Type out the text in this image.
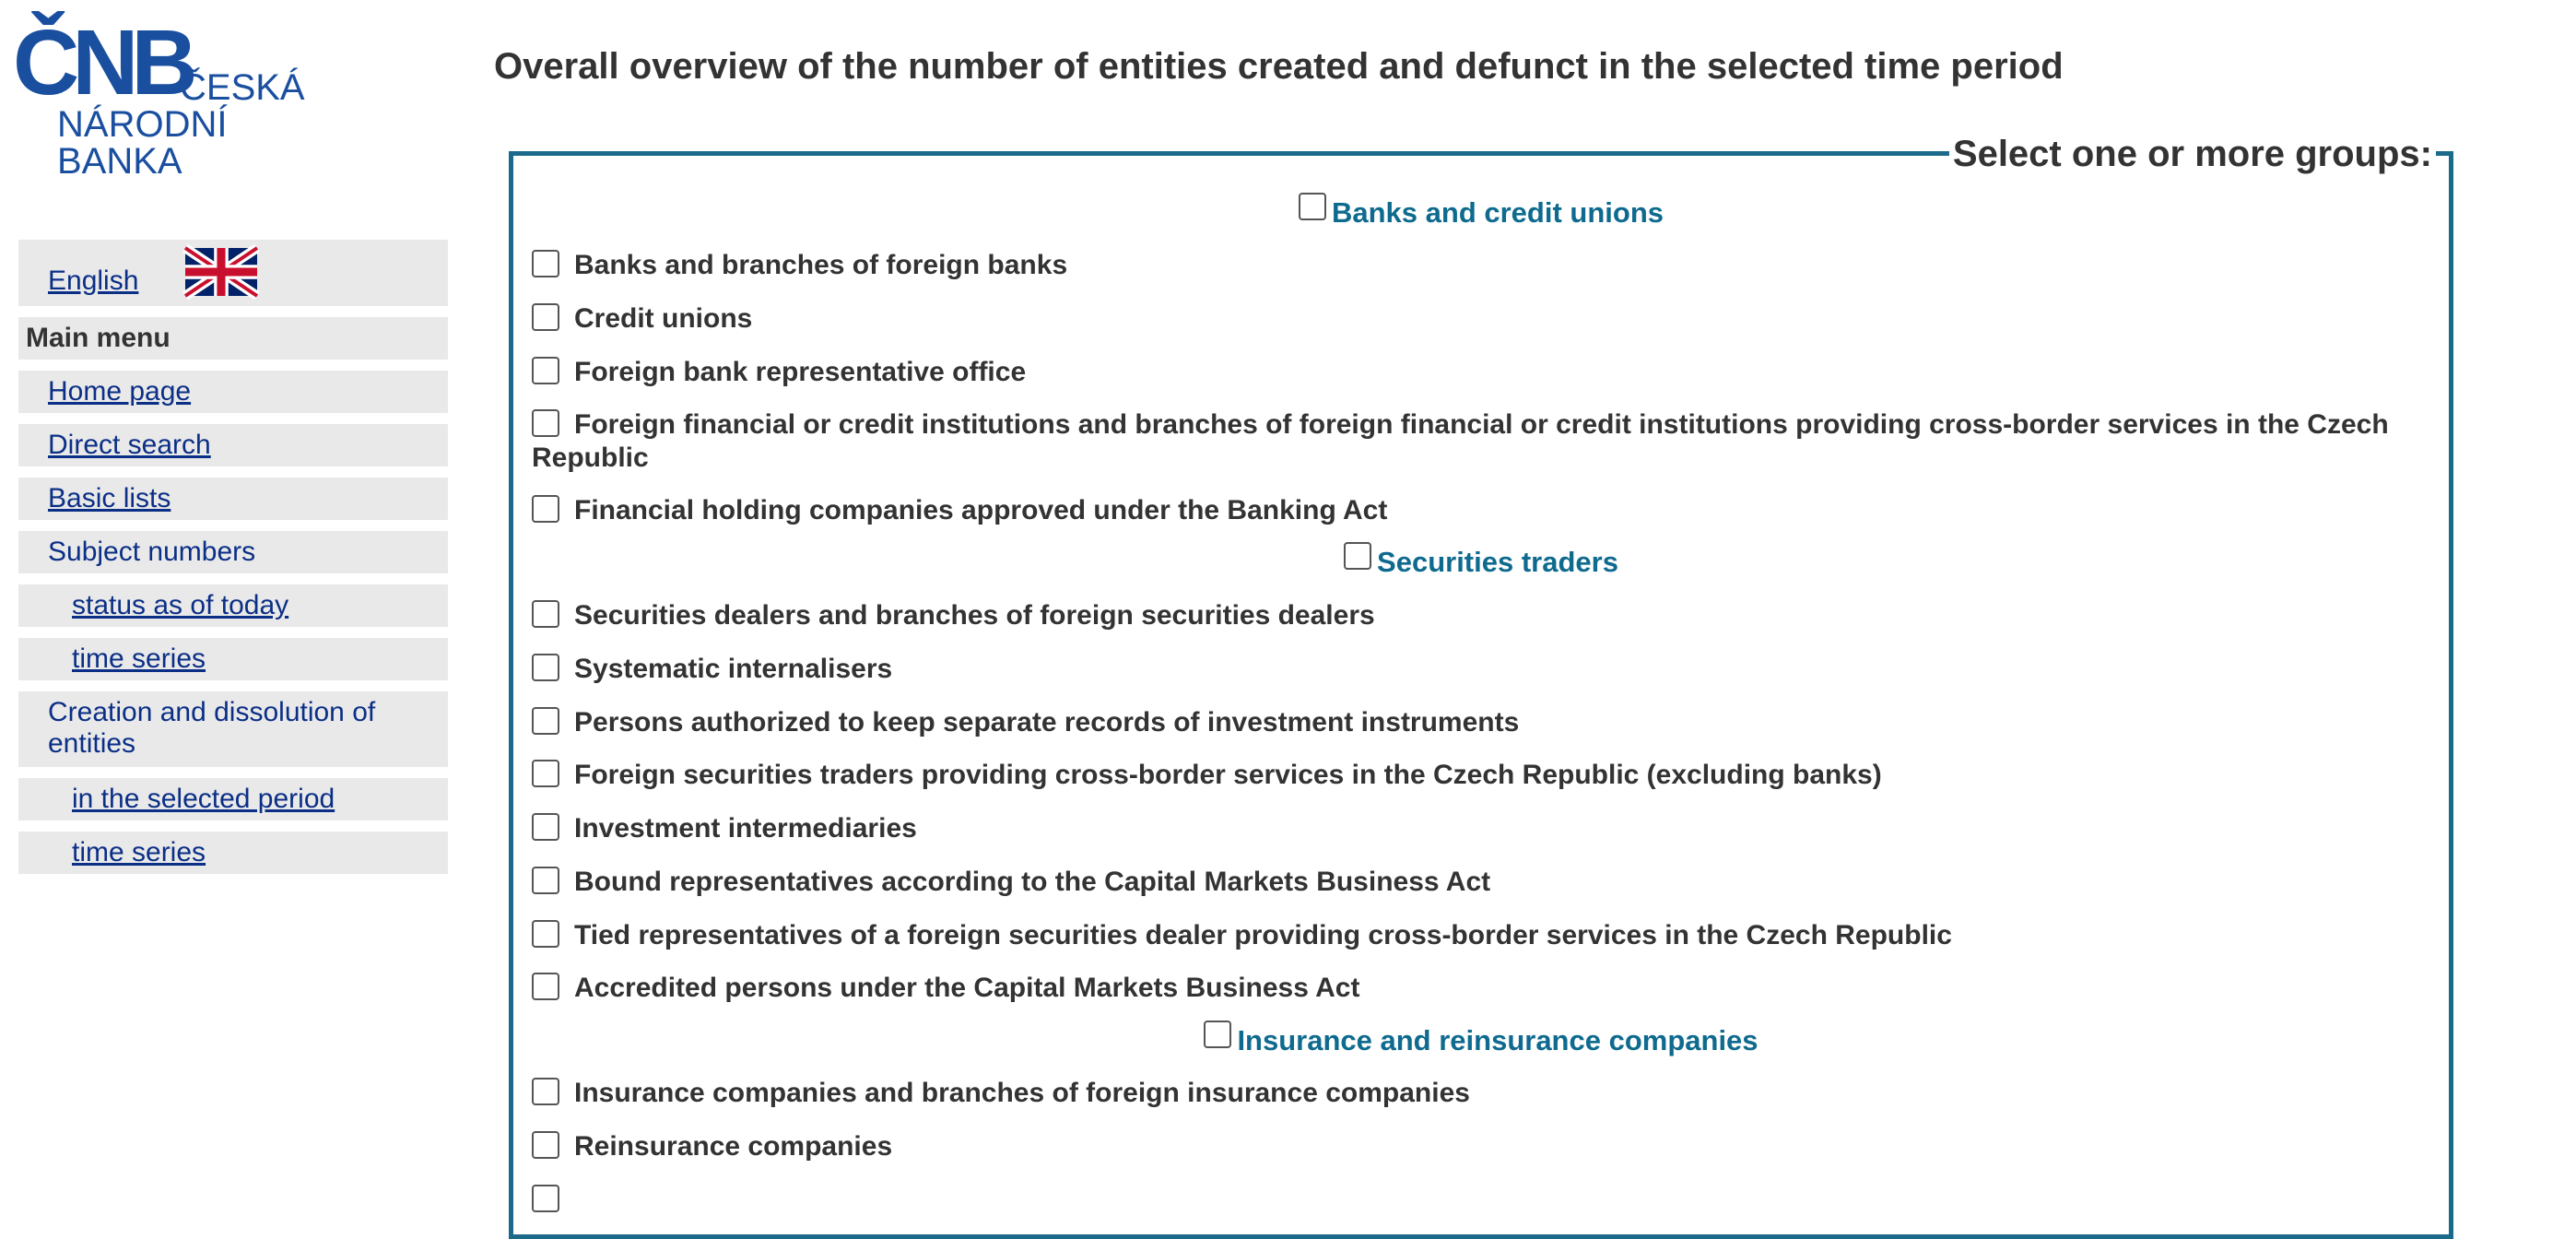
ČNB
ČESKÁ
NÁRODNÍ
BANKA
English
Main menu
Home page
Direct search
Basic lists
Subject numbers
status as of today
time series
Creation and dissolution of entities
in the selected period
time series
Overall overview of the number of entities created and defunct in the selected time period
Select one or more groups:
Banks and credit unions
Banks and branches of foreign banks
Credit unions
Foreign bank representative office
Foreign financial or credit institutions and branches of foreign financial or credit institutions providing cross-border services in the Czech Republic
Financial holding companies approved under the Banking Act
Securities traders
Securities dealers and branches of foreign securities dealers
Systematic internalisers
Persons authorized to keep separate records of investment instruments
Foreign securities traders providing cross-border services in the Czech Republic (excluding banks)
Investment intermediaries
Bound representatives according to the Capital Markets Business Act
Tied representatives of a foreign securities dealer providing cross-border services in the Czech Republic
Accredited persons under the Capital Markets Business Act
Insurance and reinsurance companies
Insurance companies and branches of foreign insurance companies
Reinsurance companies
